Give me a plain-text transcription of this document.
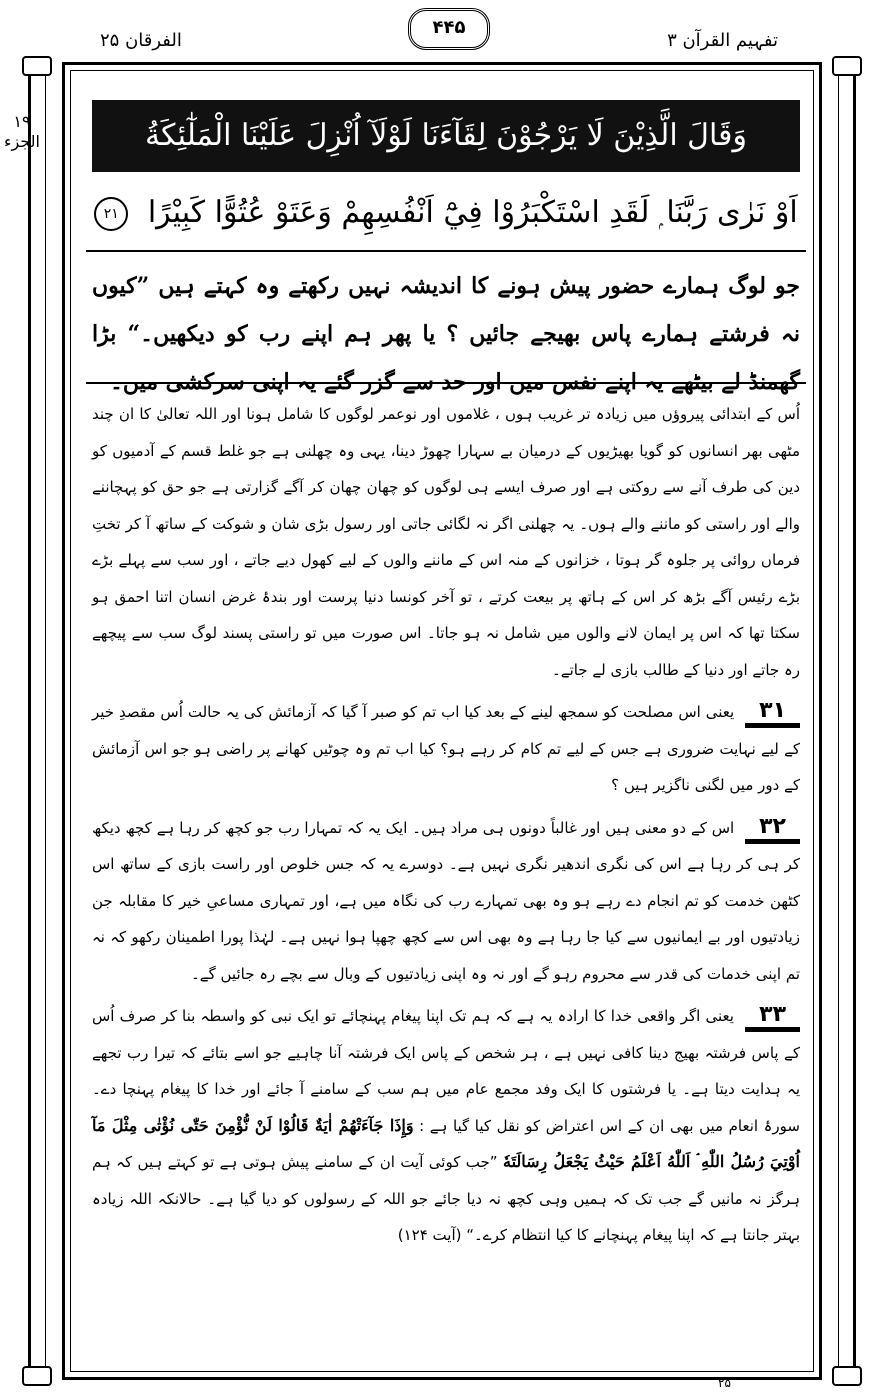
۴۴۵
تفہیم القرآن ۳
الفرقان ۲۵
۱۹
الجزء	وَقَالَ الَّذِيْنَ لَا يَرْجُوْنَ لِقَآءَنَا لَوْلَآ اُنْزِلَ عَلَيْنَا الْمَلٰٓئِكَةُ
اَوْ نَرٰى رَبَّنَا ۭ لَقَدِ اسْتَكْبَرُوْا فِيْٓ اَنْفُسِهِمْ وَعَتَوْ عُتُوًّا كَبِيْرًا ۲۱
جو لوگ ہمارے حضور پیش ہونے کا اندیشہ نہیں رکھتے وہ کہتے ہیں ”کیوں نہ فرشتے ہمارے پاس بھیجے جائیں ؟ یا پھر ہم اپنے رب کو دیکھیں۔“ بڑا گھمنڈ لے بیٹھے یہ اپنے نفس میں اور حد سے گزر گئے یہ اپنی سرکشی میں۔

اُس کے ابتدائی پیروؤں میں زیادہ تر غریب ہوں ، غلاموں اور نوعمر لوگوں کا شامل ہونا اور اللہ تعالیٰ کا ان چند مٹھی بھر انسانوں کو گویا بھیڑیوں کے درمیان بے سہارا چھوڑ دینا، یہی وہ چھلنی ہے جو غلط قسم کے آدمیوں کو دین کی طرف آنے سے روکتی ہے اور صرف ایسے ہی لوگوں کو چھان چھان کر آگے گزارتی ہے جو حق کو پہچاننے والے اور راستی کو ماننے والے ہوں۔ یہ چھلنی اگر نہ لگائی جاتی اور رسول بڑی شان و شوکت کے ساتھ آ کر تختِ فرماں روائی پر جلوہ گر ہوتا ، خزانوں کے منہ اس کے ماننے والوں کے لیے کھول دیے جاتے ، اور سب سے پہلے بڑے بڑے رئیس آگے بڑھ کر اس کے ہاتھ پر بیعت کرتے ، تو آخر کونسا دنیا پرست اور بندۂ غرض انسان اتنا احمق ہو سکتا تھا کہ اس پر ایمان لانے والوں میں شامل نہ ہو جاتا۔ اس صورت میں تو راستی پسند لوگ سب سے پیچھے رہ جاتے اور دنیا کے طالب بازی لے جاتے۔

۳۱ یعنی اس مصلحت کو سمجھ لینے کے بعد کیا اب تم کو صبر آ گیا کہ آزمائش کی یہ حالت اُس مقصدِ خیر کے لیے نہایت ضروری ہے جس کے لیے تم کام کر رہے ہو؟ کیا اب تم وہ چوٹیں کھانے پر راضی ہو جو اس آزمائش کے دور میں لگنی ناگزیر ہیں ؟

۳۲ اس کے دو معنی ہیں اور غالباً دونوں ہی مراد ہیں۔ ایک یہ کہ تمہارا رب جو کچھ کر رہا ہے کچھ دیکھ کر ہی کر رہا ہے اس کی نگری اندھیر نگری نہیں ہے۔ دوسرے یہ کہ جس خلوص اور راست بازی کے ساتھ اس کٹھن خدمت کو تم انجام دے رہے ہو وہ بھی تمہارے رب کی نگاہ میں ہے، اور تمہاری مساعیِ خیر کا مقابلہ جن زیادتیوں اور بے ایمانیوں سے کیا جا رہا ہے وہ بھی اس سے کچھ چھپا ہوا نہیں ہے۔ لہٰذا پورا اطمینان رکھو کہ نہ تم اپنی خدمات کی قدر سے محروم رہو گے اور نہ وہ اپنی زیادتیوں کے وبال سے بچے رہ جائیں گے۔

۳۳ یعنی اگر واقعی خدا کا ارادہ یہ ہے کہ ہم تک اپنا پیغام پہنچائے تو ایک نبی کو واسطہ بنا کر صرف اُس کے پاس فرشتہ بھیج دینا کافی نہیں ہے ، ہر شخص کے پاس ایک فرشتہ آنا چاہیے جو اسے بتائے کہ تیرا رب تجھے یہ ہدایت دیتا ہے۔ یا فرشتوں کا ایک وفد مجمع عام میں ہم سب کے سامنے آ جائے اور خدا کا پیغام پہنچا دے۔ سورۂ انعام میں بھی ان کے اس اعتراض کو نقل کیا گیا ہے : وَإِذَا جَآءَتْهُمْ اٰيَةٌ قَالُوْا لَنْ نُّؤْمِنَ حَتّٰى نُؤْتٰى مِثْلَ مَآ اُوْتِيَ رُسُلُ اللّٰهِ ۘ اَللّٰهُ اَعْلَمُ حَيْثُ يَجْعَلُ رِسَالَتَهٗ ”جب کوئی آیت ان کے سامنے پیش ہوتی ہے تو کہتے ہیں کہ ہم ہرگز نہ مانیں گے جب تک کہ ہمیں وہی کچھ نہ دیا جائے جو اللہ کے رسولوں کو دیا گیا ہے۔ حالانکہ اللہ زیادہ بہتر جانتا ہے کہ اپنا پیغام پہنچانے کا کیا انتظام کرے۔“ (آیت ۱۲۴)

۲۵
